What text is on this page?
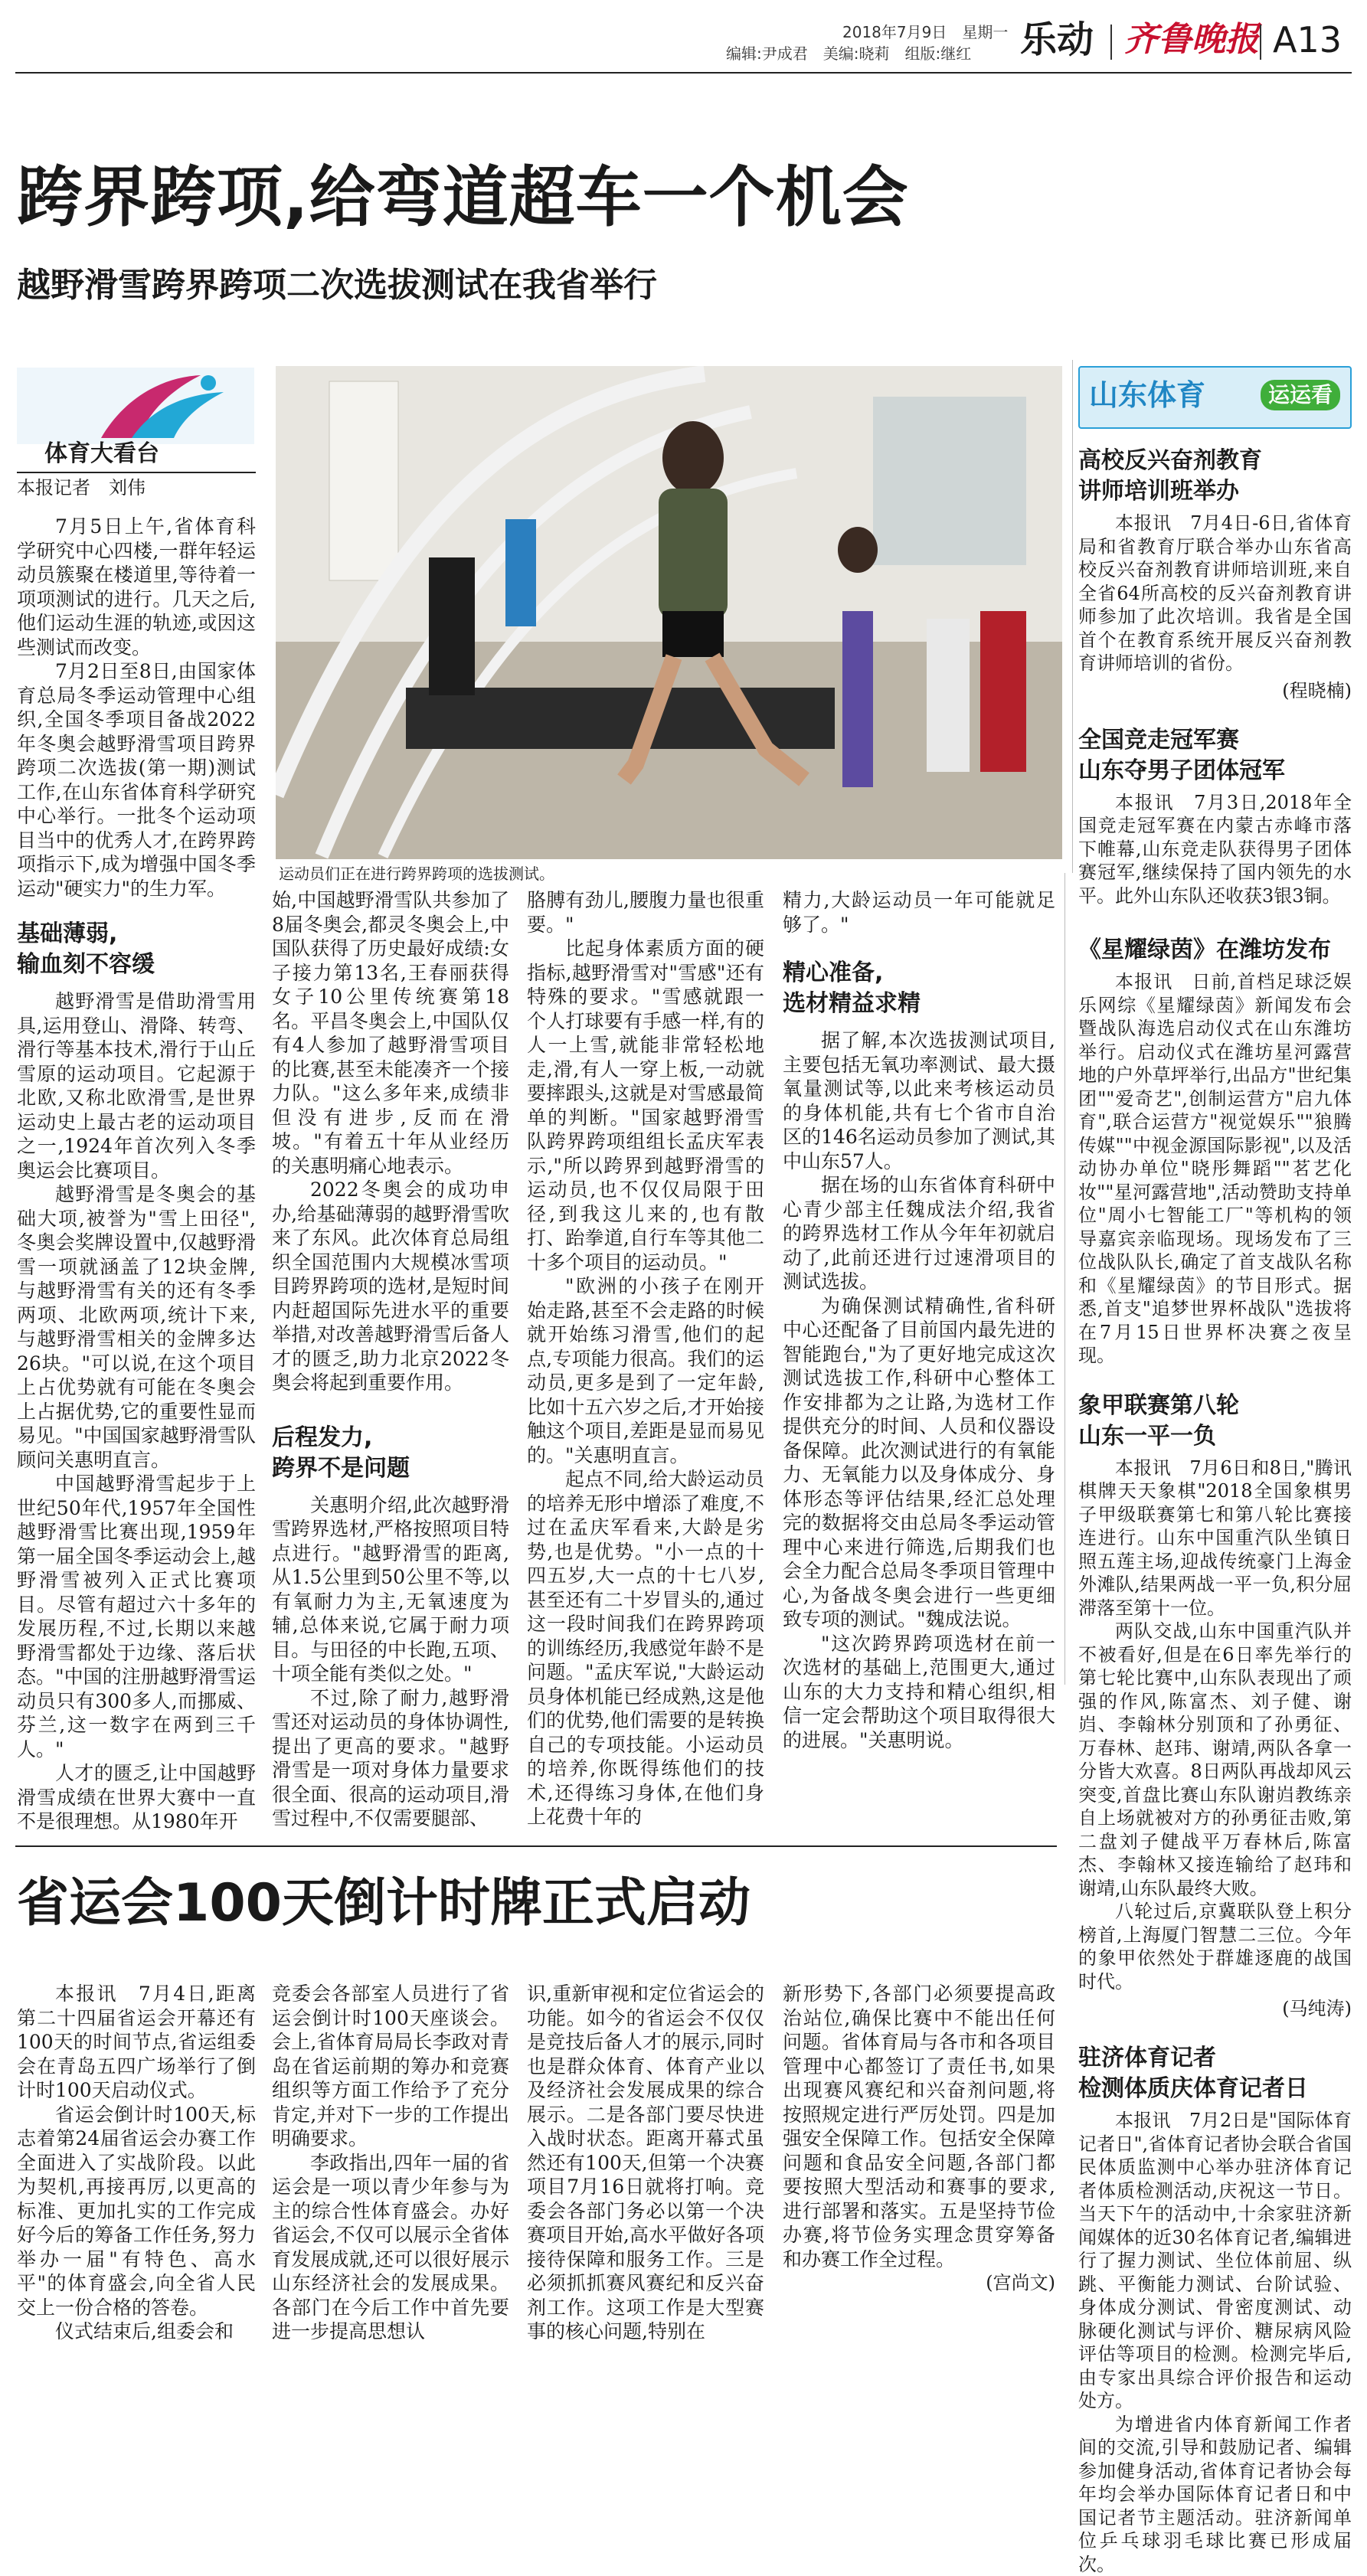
2018年7月9日　星期一
编辑:尹成君　美编:晓莉　组版:继红 乐动 齐鲁晚报 A13
跨界跨项,给弯道超车一个机会
越野滑雪跨界跨项二次选拔测试在我省举行
体育大看台
本报记者　刘伟
运动员们正在进行跨界跨项的选拔测试。

7月5日上午,省体育科学研究中心四楼,一群年轻运动员簇聚在楼道里,等待着一项项测试的进行。几天之后,他们运动生涯的轨迹,或因这些测试而改变。

7月2日至8日,由国家体育总局冬季运动管理中心组织,全国冬季项目备战2022年冬奥会越野滑雪项目跨界跨项二次选拔(第一期)测试工作,在山东省体育科学研究中心举行。一批冬个运动项目当中的优秀人才,在跨界跨项指示下,成为增强中国冬季运动"硬实力"的生力军。

基础薄弱,
输血刻不容缓

越野滑雪是借助滑雪用具,运用登山、滑降、转弯、滑行等基本技术,滑行于山丘雪原的运动项目。它起源于北欧,又称北欧滑雪,是世界运动史上最古老的运动项目之一,1924年首次列入冬季奥运会比赛项目。

越野滑雪是冬奥会的基础大项,被誉为"雪上田径",冬奥会奖牌设置中,仅越野滑雪一项就涵盖了12块金牌,与越野滑雪有关的还有冬季两项、北欧两项,统计下来,与越野滑雪相关的金牌多达26块。"可以说,在这个项目上占优势就有可能在冬奥会上占据优势,它的重要性显而易见。"中国国家越野滑雪队顾问关惠明直言。

中国越野滑雪起步于上世纪50年代,1957年全国性越野滑雪比赛出现,1959年第一届全国冬季运动会上,越野滑雪被列入正式比赛项目。尽管有超过六十多年的发展历程,不过,长期以来越野滑雪都处于边缘、落后状态。"中国的注册越野滑雪运动员只有300多人,而挪威、芬兰,这一数字在两到三千人。"

人才的匮乏,让中国越野滑雪成绩在世界大赛中一直不是很理想。从1980年开

始,中国越野滑雪队共参加了8届冬奥会,都灵冬奥会上,中国队获得了历史最好成绩:女子接力第13名,王春丽获得女子10公里传统赛第18名。平昌冬奥会上,中国队仅有4人参加了越野滑雪项目的比赛,甚至未能凑齐一个接力队。"这么多年来,成绩非但没有进步,反而在滑坡。"有着五十年从业经历的关惠明痛心地表示。

2022冬奥会的成功申办,给基础薄弱的越野滑雪吹来了东风。此次体育总局组织全国范围内大规模冰雪项目跨界跨项的选材,是短时间内赶超国际先进水平的重要举措,对改善越野滑雪后备人才的匮乏,助力北京2022冬奥会将起到重要作用。

后程发力,
跨界不是问题

关惠明介绍,此次越野滑雪跨界选材,严格按照项目特点进行。"越野滑雪的距离,从1.5公里到50公里不等,以有氧耐力为主,无氧速度为辅,总体来说,它属于耐力项目。与田径的中长跑,五项、十项全能有类似之处。"

不过,除了耐力,越野滑雪还对运动员的身体协调性,提出了更高的要求。"越野滑雪是一项对身体力量要求很全面、很高的运动项目,滑雪过程中,不仅需要腿部、

胳膊有劲儿,腰腹力量也很重要。"

比起身体素质方面的硬指标,越野滑雪对"雪感"还有特殊的要求。"雪感就跟一个人打球要有手感一样,有的人一上雪,就能非常轻松地走,滑,有人一穿上板,一动就要摔跟头,这就是对雪感最简单的判断。"国家越野滑雪队跨界跨项组组长孟庆军表示,"所以跨界到越野滑雪的运动员,也不仅仅局限于田径,到我这儿来的,也有散打、跆拳道,自行车等其他二十多个项目的运动员。"

"欧洲的小孩子在刚开始走路,甚至不会走路的时候就开始练习滑雪,他们的起点,专项能力很高。我们的运动员,更多是到了一定年龄,比如十五六岁之后,才开始接触这个项目,差距是显而易见的。"关惠明直言。

起点不同,给大龄运动员的培养无形中增添了难度,不过在孟庆军看来,大龄是劣势,也是优势。"小一点的十四五岁,大一点的十七八岁,甚至还有二十岁冒头的,通过这一段时间我们在跨界跨项的训练经历,我感觉年龄不是问题。"孟庆军说,"大龄运动员身体机能已经成熟,这是他们的优势,他们需要的是转换自己的专项技能。小运动员的培养,你既得练他们的技术,还得练习身体,在他们身上花费十年的

精力,大龄运动员一年可能就足够了。"

精心准备,
选材精益求精

据了解,本次选拔测试项目,主要包括无氧功率测试、最大摄氧量测试等,以此来考核运动员的身体机能,共有七个省市自治区的146名运动员参加了测试,其中山东57人。

据在场的山东省体育科研中心青少部主任魏成法介绍,我省的跨界选材工作从今年年初就启动了,此前还进行过速滑项目的测试选拔。

为确保测试精确性,省科研中心还配备了目前国内最先进的智能跑台,"为了更好地完成这次测试选拔工作,科研中心整体工作安排都为之让路,为选材工作提供充分的时间、人员和仪器设备保障。此次测试进行的有氧能力、无氧能力以及身体成分、身体形态等评估结果,经汇总处理完的数据将交由总局冬季运动管理中心来进行筛选,后期我们也会全力配合总局冬季项目管理中心,为备战冬奥会进行一些更细致专项的测试。"魏成法说。

"这次跨界跨项选材在前一次选材的基础上,范围更大,通过山东的大力支持和精心组织,相信一定会帮助这个项目取得很大的进展。"关惠明说。

省运会100天倒计时牌正式启动

本报讯　7月4日,距离第二十四届省运会开幕还有100天的时间节点,省运组委会在青岛五四广场举行了倒计时100天启动仪式。

省运会倒计时100天,标志着第24届省运会办赛工作全面进入了实战阶段。以此为契机,再接再厉,以更高的标准、更加扎实的工作完成好今后的筹备工作任务,努力举办一届"有特色、高水平"的体育盛会,向全省人民交上一份合格的答卷。

仪式结束后,组委会和

竞委会各部室人员进行了省运会倒计时100天座谈会。会上,省体育局局长李政对青岛在省运前期的筹办和竞赛组织等方面工作给予了充分肯定,并对下一步的工作提出明确要求。

李政指出,四年一届的省运会是一项以青少年参与为主的综合性体育盛会。办好省运会,不仅可以展示全省体育发展成就,还可以很好展示山东经济社会的发展成果。各部门在今后工作中首先要进一步提高思想认

识,重新审视和定位省运会的功能。如今的省运会不仅仅是竞技后备人才的展示,同时也是群众体育、体育产业以及经济社会发展成果的综合展示。二是各部门要尽快进入战时状态。距离开幕式虽然还有100天,但第一个决赛项目7月16日就将打响。竞委会各部门务必以第一个决赛项目开始,高水平做好各项接待保障和服务工作。三是必须抓抓赛风赛纪和反兴奋剂工作。这项工作是大型赛事的核心问题,特别在

新形势下,各部门必须要提高政治站位,确保比赛中不能出任何问题。省体育局与各市和各项目管理中心都签订了责任书,如果出现赛风赛纪和兴奋剂问题,将按照规定进行严厉处罚。四是加强安全保障工作。包括安全保障问题和食品安全问题,各部门都要按照大型活动和赛事的要求,进行部署和落实。五是坚持节俭办赛,将节俭务实理念贯穿筹备和办赛工作全过程。

(宫尚文)
山东体育	运运看
高校反兴奋剂教育
讲师培训班举办

本报讯　7月4日-6日,省体育局和省教育厅联合举办山东省高校反兴奋剂教育讲师培训班,来自全省64所高校的反兴奋剂教育讲师参加了此次培训。我省是全国首个在教育系统开展反兴奋剂教育讲师培训的省份。

(程晓楠)
全国竞走冠军赛
山东夺男子团体冠军

本报讯　7月3日,2018年全国竞走冠军赛在内蒙古赤峰市落下帷幕,山东竞走队获得男子团体赛冠军,继续保持了国内领先的水平。此外山东队还收获3银3铜。

《星耀绿茵》在潍坊发布

本报讯　日前,首档足球泛娱乐网综《星耀绿茵》新闻发布会暨战队海选启动仪式在山东潍坊举行。启动仪式在潍坊星河露营地的户外草坪举行,出品方"世纪集团""爱奇艺",创制运营方"启九体育",联合运营方"视觉娱乐""狼腾传媒""中视金源国际影视",以及活动协办单位"晓彤舞蹈""茗艺化妆""星河露营地",活动赞助支持单位"周小七智能工厂"等机构的领导嘉宾亲临现场。现场发布了三位战队队长,确定了首支战队名称和《星耀绿茵》的节目形式。据悉,首支"追梦世界杯战队"选拔将在7月15日世界杯决赛之夜呈现。

象甲联赛第八轮
山东一平一负

本报讯　7月6日和8日,"腾讯棋牌天天象棋"2018全国象棋男子甲级联赛第七和第八轮比赛接连进行。山东中国重汽队坐镇日照五莲主场,迎战传统豪门上海金外滩队,结果两战一平一负,积分屈滞落至第十一位。

两队交战,山东中国重汽队并不被看好,但是在6日率先举行的第七轮比赛中,山东队表现出了顽强的作风,陈富杰、刘子健、谢岿、李翰林分别顶和了孙勇征、万春林、赵玮、谢靖,两队各拿一分皆大欢喜。8日两队再战却风云突变,首盘比赛山东队谢岿教练亲自上场就被对方的孙勇征击败,第二盘刘子健战平万春林后,陈富杰、李翰林又接连输给了赵玮和谢靖,山东队最终大败。

八轮过后,京冀联队登上积分榜首,上海厦门智慧二三位。今年的象甲依然处于群雄逐鹿的战国时代。

(马纯涛)
驻济体育记者
检测体质庆体育记者日

本报讯　7月2日是"国际体育记者日",省体育记者协会联合省国民体质监测中心举办驻济体育记者体质检测活动,庆祝这一节日。当天下午的活动中,十余家驻济新闻媒体的近30名体育记者,编辑进行了握力测试、坐位体前屈、纵跳、平衡能力测试、台阶试验、身体成分测试、骨密度测试、动脉硬化测试与评价、糖尿病风险评估等项目的检测。检测完毕后,由专家出具综合评价报告和运动处方。

为增进省内体育新闻工作者间的交流,引导和鼓励记者、编辑参加健身活动,省体育记者协会每年均会举办国际体育记者日和中国记者节主题活动。驻济新闻单位乒乓球羽毛球比赛已形成届次。
